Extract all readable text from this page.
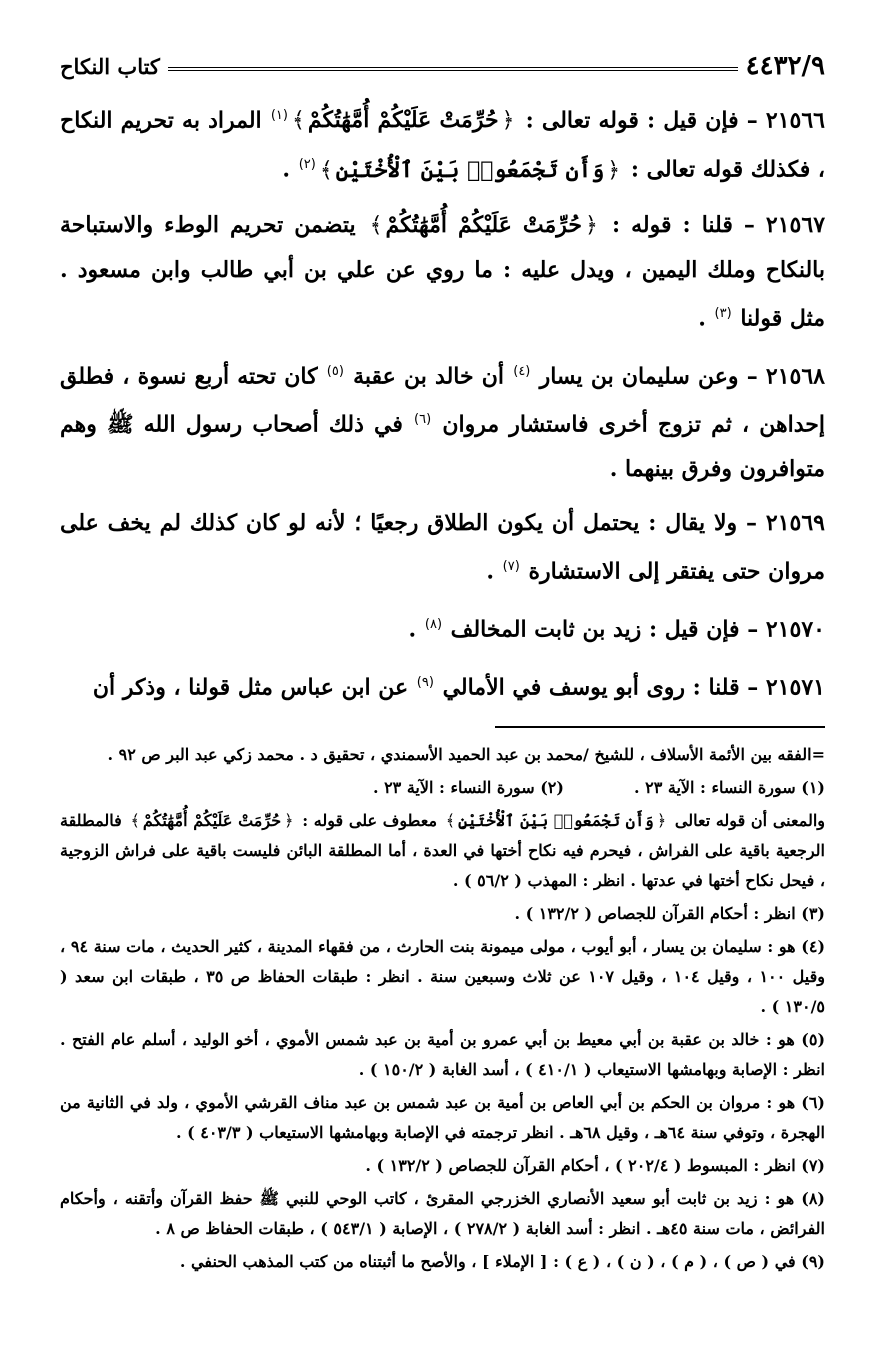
٤٤٣٢/٩
كتاب النكاح

٢١٥٦٦ – فإن قيل : قوله تعالى : ﴿حُرِّمَتْ عَلَيْكُمْ أُمَّهَٰتُكُمْ﴾$^{(١)}$ المراد به تحريم النكاح ، فكذلك قوله تعالى : ﴿وَأَن تَجْمَعُوا۟ بَيْنَ ٱلْأُخْتَيْنِ﴾$^{(٢)}$ .

٢١٥٦٧ – قلنا : قوله : ﴿حُرِّمَتْ عَلَيْكُمْ أُمَّهَٰتُكُمْ﴾ يتضمن تحريم الوطء والاستباحة بالنكاح وملك اليمين ، ويدل عليه : ما روي عن علي بن أبي طالب وابن مسعود . مثل قولنا $^{(٣)}$ .

٢١٥٦٨ – وعن سليمان بن يسار $^{(٤)}$ أن خالد بن عقبة $^{(٥)}$ كان تحته أربع نسوة ، فطلق إحداهن ، ثم تزوج أخرى فاستشار مروان $^{(٦)}$ في ذلك أصحاب رسول الله ﷺ وهم متوافرون وفرق بينهما .

٢١٥٦٩ – ولا يقال : يحتمل أن يكون الطلاق رجعيًا ؛ لأنه لو كان كذلك لم يخف على مروان حتى يفتقر إلى الاستشارة $^{(٧)}$ .

٢١٥٧٠ – فإن قيل : زيد بن ثابت المخالف $^{(٨)}$ .

٢١٥٧١ – قلنا : روى أبو يوسف في الأمالي $^{(٩)}$ عن ابن عباس مثل قولنا ، وذكر أن

=الفقه بين الأئمة الأسلاف ، للشيخ /محمد بن عبد الحميد الأسمندي ، تحقيق د . محمد زكي عبد البر ص ٩٢ .

(١) سورة النساء : الآية ٢٣ .
(٢) سورة النساء : الآية ٢٣ .

والمعنى أن قوله تعالى ﴿وَأَن تَجْمَعُوا۟ بَيْنَ ٱلْأُخْتَيْنِ﴾ معطوف على قوله : ﴿حُرِّمَتْ عَلَيْكُمْ أُمَّهَٰتُكُمْ﴾ فالمطلقة الرجعية باقية على الفراش ، فيحرم فيه نكاح أختها في العدة ، أما المطلقة البائن فليست باقية على فراش الزوجية ، فيحل نكاح أختها في عدتها . انظر : المهذب ( ٥٦/٢ ) .

(٣) انظر : أحكام القرآن للجصاص ( ١٣٢/٢ ) .

(٤) هو : سليمان بن يسار ، أبو أيوب ، مولى ميمونة بنت الحارث ، من فقهاء المدينة ، كثير الحديث ، مات سنة ٩٤ ، وقيل ١٠٠ ، وقيل ١٠٤ ، وقيل ١٠٧ عن ثلاث وسبعين سنة . انظر : طبقات الحفاظ ص ٣٥ ، طبقات ابن سعد ( ١٣٠/٥ ) .

(٥) هو : خالد بن عقبة بن أبي معيط بن أبي عمرو بن أمية بن عبد شمس الأموي ، أخو الوليد ، أسلم عام الفتح . انظر : الإصابة وبهامشها الاستيعاب ( ٤١٠/١ ) ، أسد الغابة ( ١٥٠/٢ ) .

(٦) هو : مروان بن الحكم بن أبي العاص بن أمية بن عبد شمس بن عبد مناف القرشي الأموي ، ولد في الثانية من الهجرة ، وتوفي سنة ٦٤هـ ، وقيل ٦٨هـ . انظر ترجمته في الإصابة وبهامشها الاستيعاب ( ٤٠٣/٣ ) .

(٧) انظر : المبسوط ( ٢٠٢/٤ ) ، أحكام القرآن للجصاص ( ١٣٢/٢ ) .

(٨) هو : زيد بن ثابت أبو سعيد الأنصاري الخزرجي المقرئ ، كاتب الوحي للنبي ﷺ حفظ القرآن وأتقنه ، وأحكام الفرائض ، مات سنة ٤٥هـ . انظر : أسد الغابة ( ٢٧٨/٢ ) ، الإصابة ( ٥٤٣/١ ) ، طبقات الحفاظ ص ٨ .

(٩) في ( ص ) ، ( م ) ، ( ن ) ، ( ع ) : [ الإملاء ] ، والأصح ما أثبتناه من كتب المذهب الحنفي .
